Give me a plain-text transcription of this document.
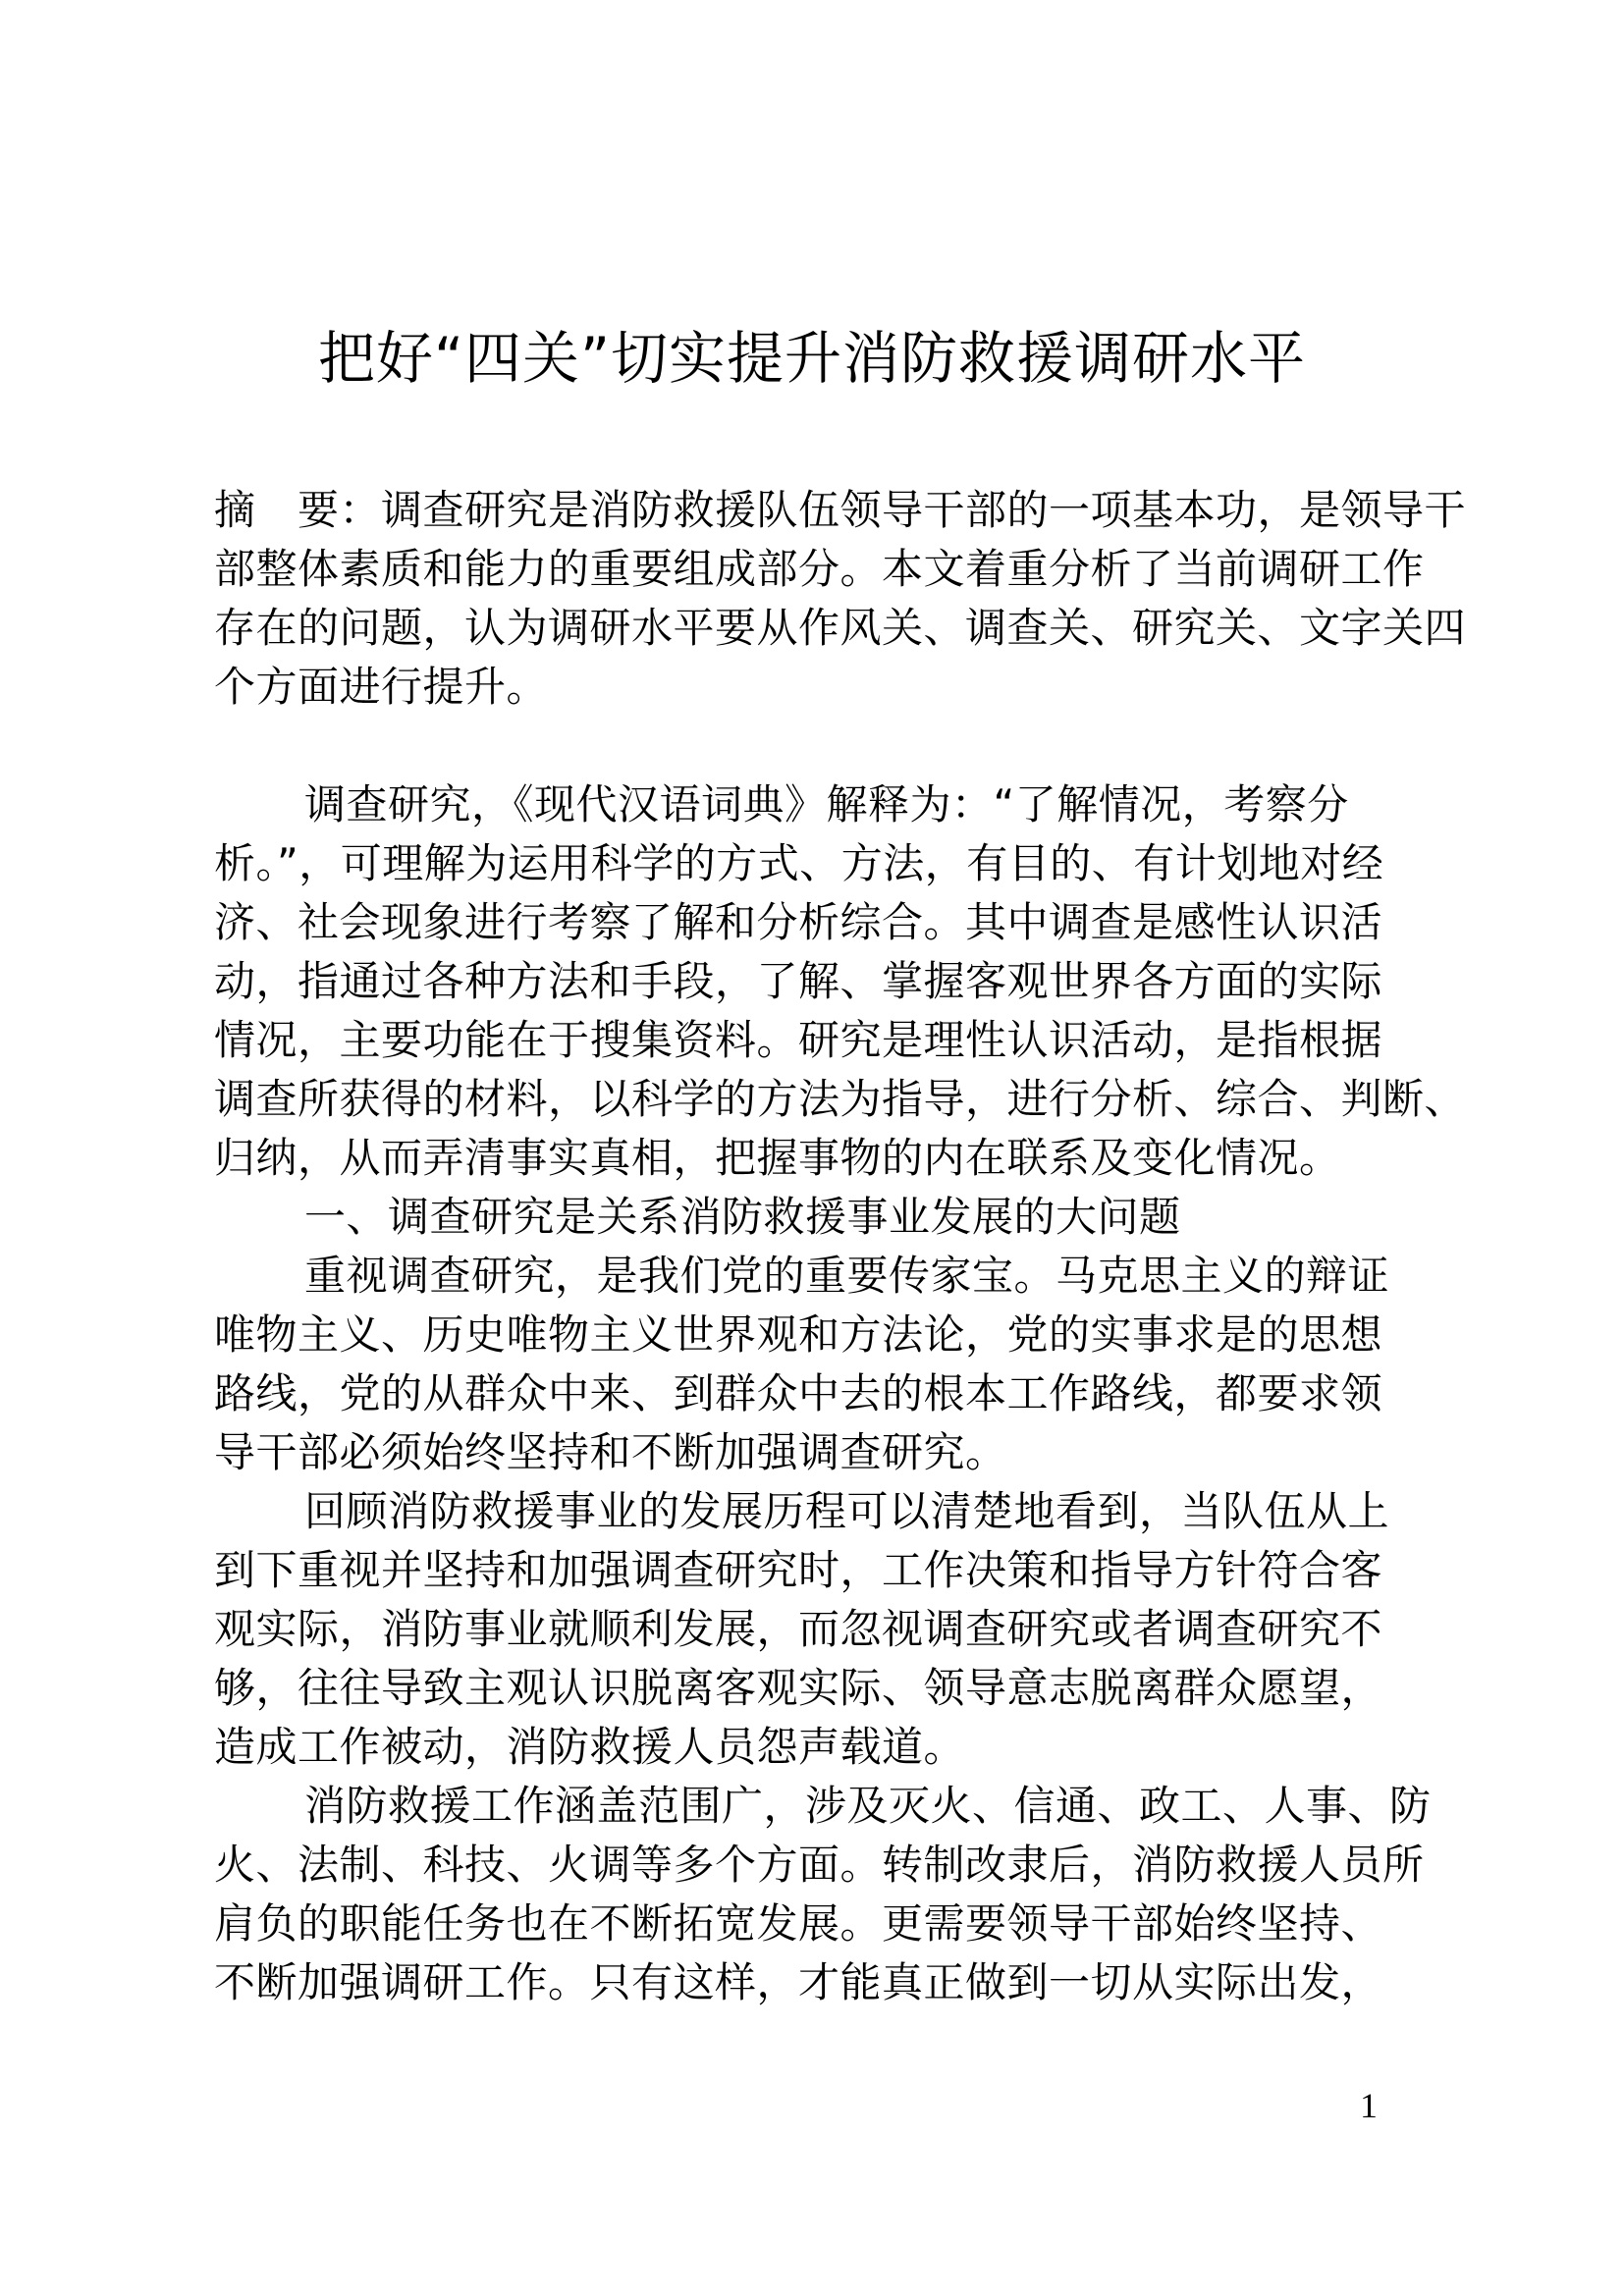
把好“四关”切实提升消防救援调研水平
摘　要：调查研究是消防救援队伍领导干部的一项基本功，是领导干
部整体素质和能力的重要组成部分。本文着重分析了当前调研工作
存在的问题，认为调研水平要从作风关、调查关、研究关、文字关四
个方面进行提升。
调查研究，《现代汉语词典》解释为：“了解情况，考察分
析。”，可理解为运用科学的方式、方法，有目的、有计划地对经
济、社会现象进行考察了解和分析综合。其中调查是感性认识活
动，指通过各种方法和手段，了解、掌握客观世界各方面的实际
情况，主要功能在于搜集资料。研究是理性认识活动，是指根据
调查所获得的材料，以科学的方法为指导，进行分析、综合、判断、
归纳，从而弄清事实真相，把握事物的内在联系及变化情况。
一、调查研究是关系消防救援事业发展的大问题
重视调查研究，是我们党的重要传家宝。马克思主义的辩证
唯物主义、历史唯物主义世界观和方法论，党的实事求是的思想
路线，党的从群众中来、到群众中去的根本工作路线，都要求领
导干部必须始终坚持和不断加强调查研究。
回顾消防救援事业的发展历程可以清楚地看到，当队伍从上
到下重视并坚持和加强调查研究时，工作决策和指导方针符合客
观实际，消防事业就顺利发展，而忽视调查研究或者调查研究不
够，往往导致主观认识脱离客观实际、领导意志脱离群众愿望，
造成工作被动，消防救援人员怨声载道。
消防救援工作涵盖范围广，涉及灭火、信通、政工、人事、防
火、法制、科技、火调等多个方面。转制改隶后，消防救援人员所
肩负的职能任务也在不断拓宽发展。更需要领导干部始终坚持、
不断加强调研工作。只有这样，才能真正做到一切从实际出发，
1
